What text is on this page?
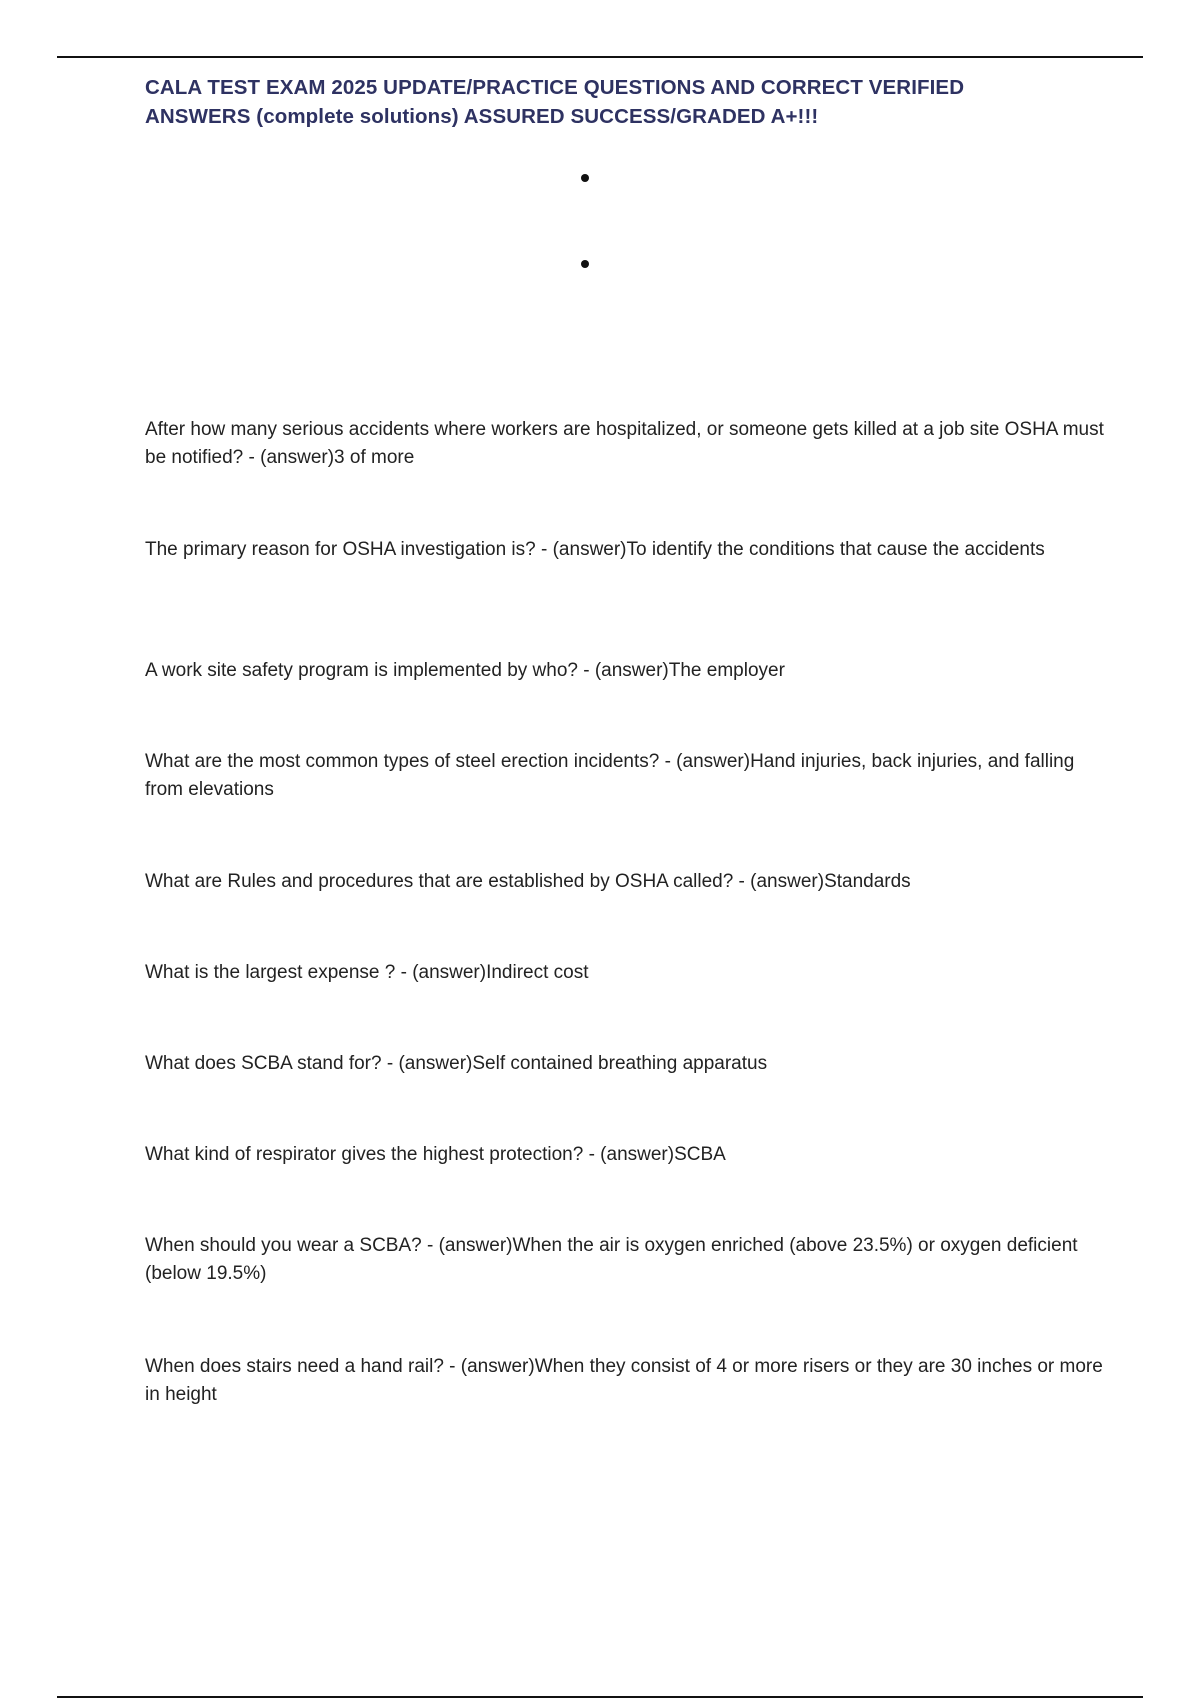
CALA TEST EXAM 2025 UPDATE/PRACTICE QUESTIONS AND CORRECT VERIFIED ANSWERS (complete solutions) ASSURED SUCCESS/GRADED A+!!!

After how many serious accidents where workers are hospitalized, or someone gets killed at a job site OSHA must be notified? - (answer)3 of more

The primary reason for OSHA investigation is? - (answer)To identify the conditions that cause the accidents

A work site safety program is implemented by who? - (answer)The employer

What are the most common types of steel erection incidents? - (answer)Hand injuries, back injuries, and falling from elevations

What are Rules and procedures that are established by OSHA called? - (answer)Standards

What is the largest expense ? - (answer)Indirect cost

What does SCBA stand for? - (answer)Self contained breathing apparatus

What kind of respirator gives the highest protection? - (answer)SCBA

When should you wear a SCBA? - (answer)When the air is oxygen enriched (above 23.5%) or oxygen deficient (below 19.5%)

When does stairs need a hand rail? - (answer)When they consist of 4 or more risers or they are 30 inches or more in height
